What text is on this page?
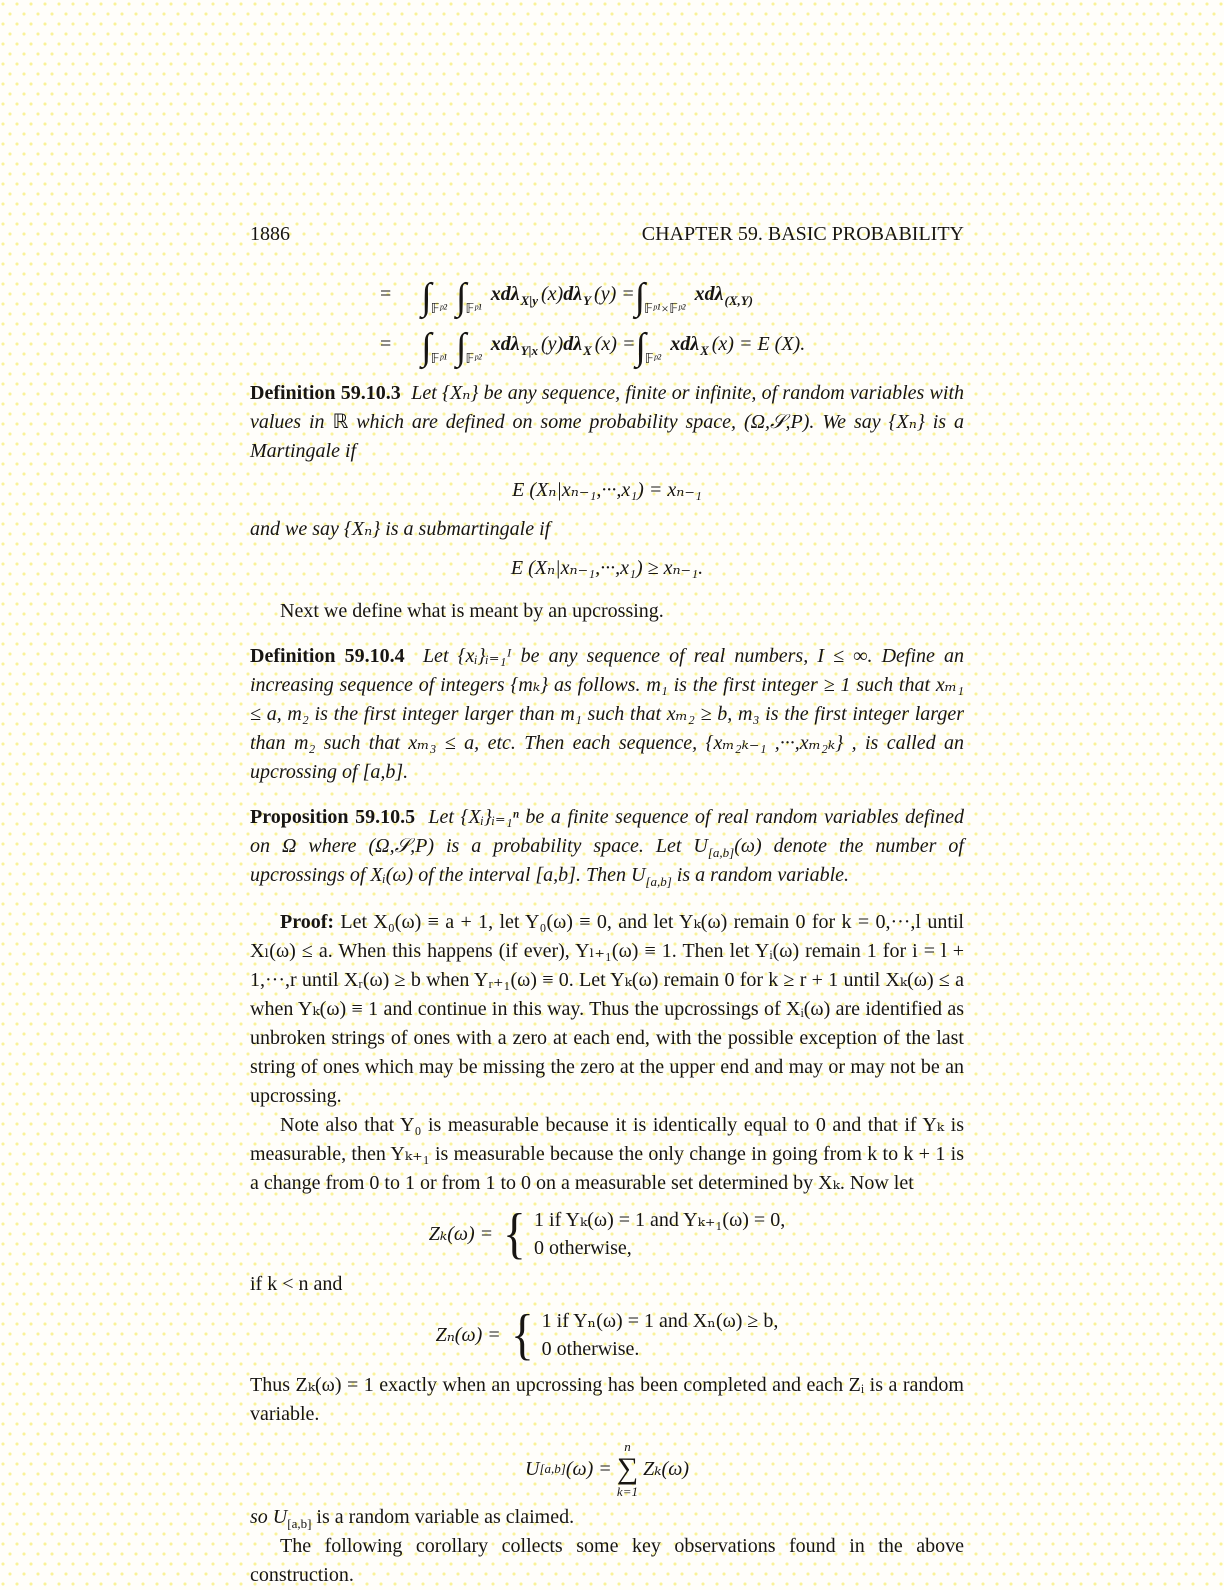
1886	CHAPTER 59. BASIC PROBABILITY
= ∫ 𝔽ᵖ² ∫ 𝔽ᵖ¹
xdλ X|y (x) dλ Y (y) = ∫ 𝔽ᵖ¹×𝔽ᵖ²
xdλ (X,Y)
= ∫ 𝔽ᵖ¹ ∫ 𝔽ᵖ²
xdλ Y|x (y) dλ X (x) = ∫ 𝔽ᵖ²
xdλ X (x) = E (X).

Definition 59.10.3 Let {Xₙ} be any sequence, finite or infinite, of random variables with values in ℝ which are defined on some probability space, (Ω,𝒮,P). We say {Xₙ} is a Martingale if

E (Xₙ|xₙ₋₁,···,x₁) = xₙ₋₁

and we say {Xₙ} is a submartingale if

E (Xₙ|xₙ₋₁,···,x₁) ≥ xₙ₋₁.

Next we define what is meant by an upcrossing.

Definition 59.10.4 Let {xᵢ}ᵢ₌₁ᴵ be any sequence of real numbers, I ≤ ∞. Define an increasing sequence of integers {mₖ} as follows. m₁ is the first integer ≥ 1 such that xₘ₁ ≤ a, m₂ is the first integer larger than m₁ such that xₘ₂ ≥ b, m₃ is the first integer larger than m₂ such that xₘ₃ ≤ a, etc. Then each sequence, {xₘ₂ₖ₋₁ ,···,xₘ₂ₖ} , is called an upcrossing of [a,b].

Proposition 59.10.5 Let {Xᵢ}ᵢ₌₁ⁿ be a finite sequence of real random variables defined on Ω where (Ω,𝒮,P) is a probability space. Let $U_{[a,b]}(\omega)$ denote the number of upcrossings of Xᵢ(ω) of the interval [a,b]. Then $U_{[a,b]}$ is a random variable.

Proof: Let X₀(ω) ≡ a + 1, let Y₀(ω) ≡ 0, and let Yₖ(ω) remain 0 for k = 0,···,l until Xₗ(ω) ≤ a. When this happens (if ever), Yₗ₊₁(ω) ≡ 1. Then let Yᵢ(ω) remain 1 for i = l + 1,···,r until Xᵣ(ω) ≥ b when Yᵣ₊₁(ω) ≡ 0. Let Yₖ(ω) remain 0 for k ≥ r + 1 until Xₖ(ω) ≤ a when Yₖ(ω) ≡ 1 and continue in this way. Thus the upcrossings of Xᵢ(ω) are identified as unbroken strings of ones with a zero at each end, with the possible exception of the last string of ones which may be missing the zero at the upper end and may or may not be an upcrossing.

Note also that Y₀ is measurable because it is identically equal to 0 and that if Yₖ is measurable, then Yₖ₊₁ is measurable because the only change in going from k to k + 1 is a change from 0 to 1 or from 1 to 0 on a measurable set determined by Xₖ. Now let

Zₖ(ω) = { 1 if Yₖ(ω) = 1 and Yₖ₊₁(ω) = 0,
0 otherwise,

if k < n and

Zₙ(ω) = { 1 if Yₙ(ω) = 1 and Xₙ(ω) ≥ b,
0 otherwise.

Thus Zₖ(ω) = 1 exactly when an upcrossing has been completed and each Zᵢ is a random variable.

U [a,b] (ω) =
n
∑
k=1
Zₖ(ω)

so $U_{[a,b]}$ is a random variable as claimed.

The following corollary collects some key observations found in the above construction.
